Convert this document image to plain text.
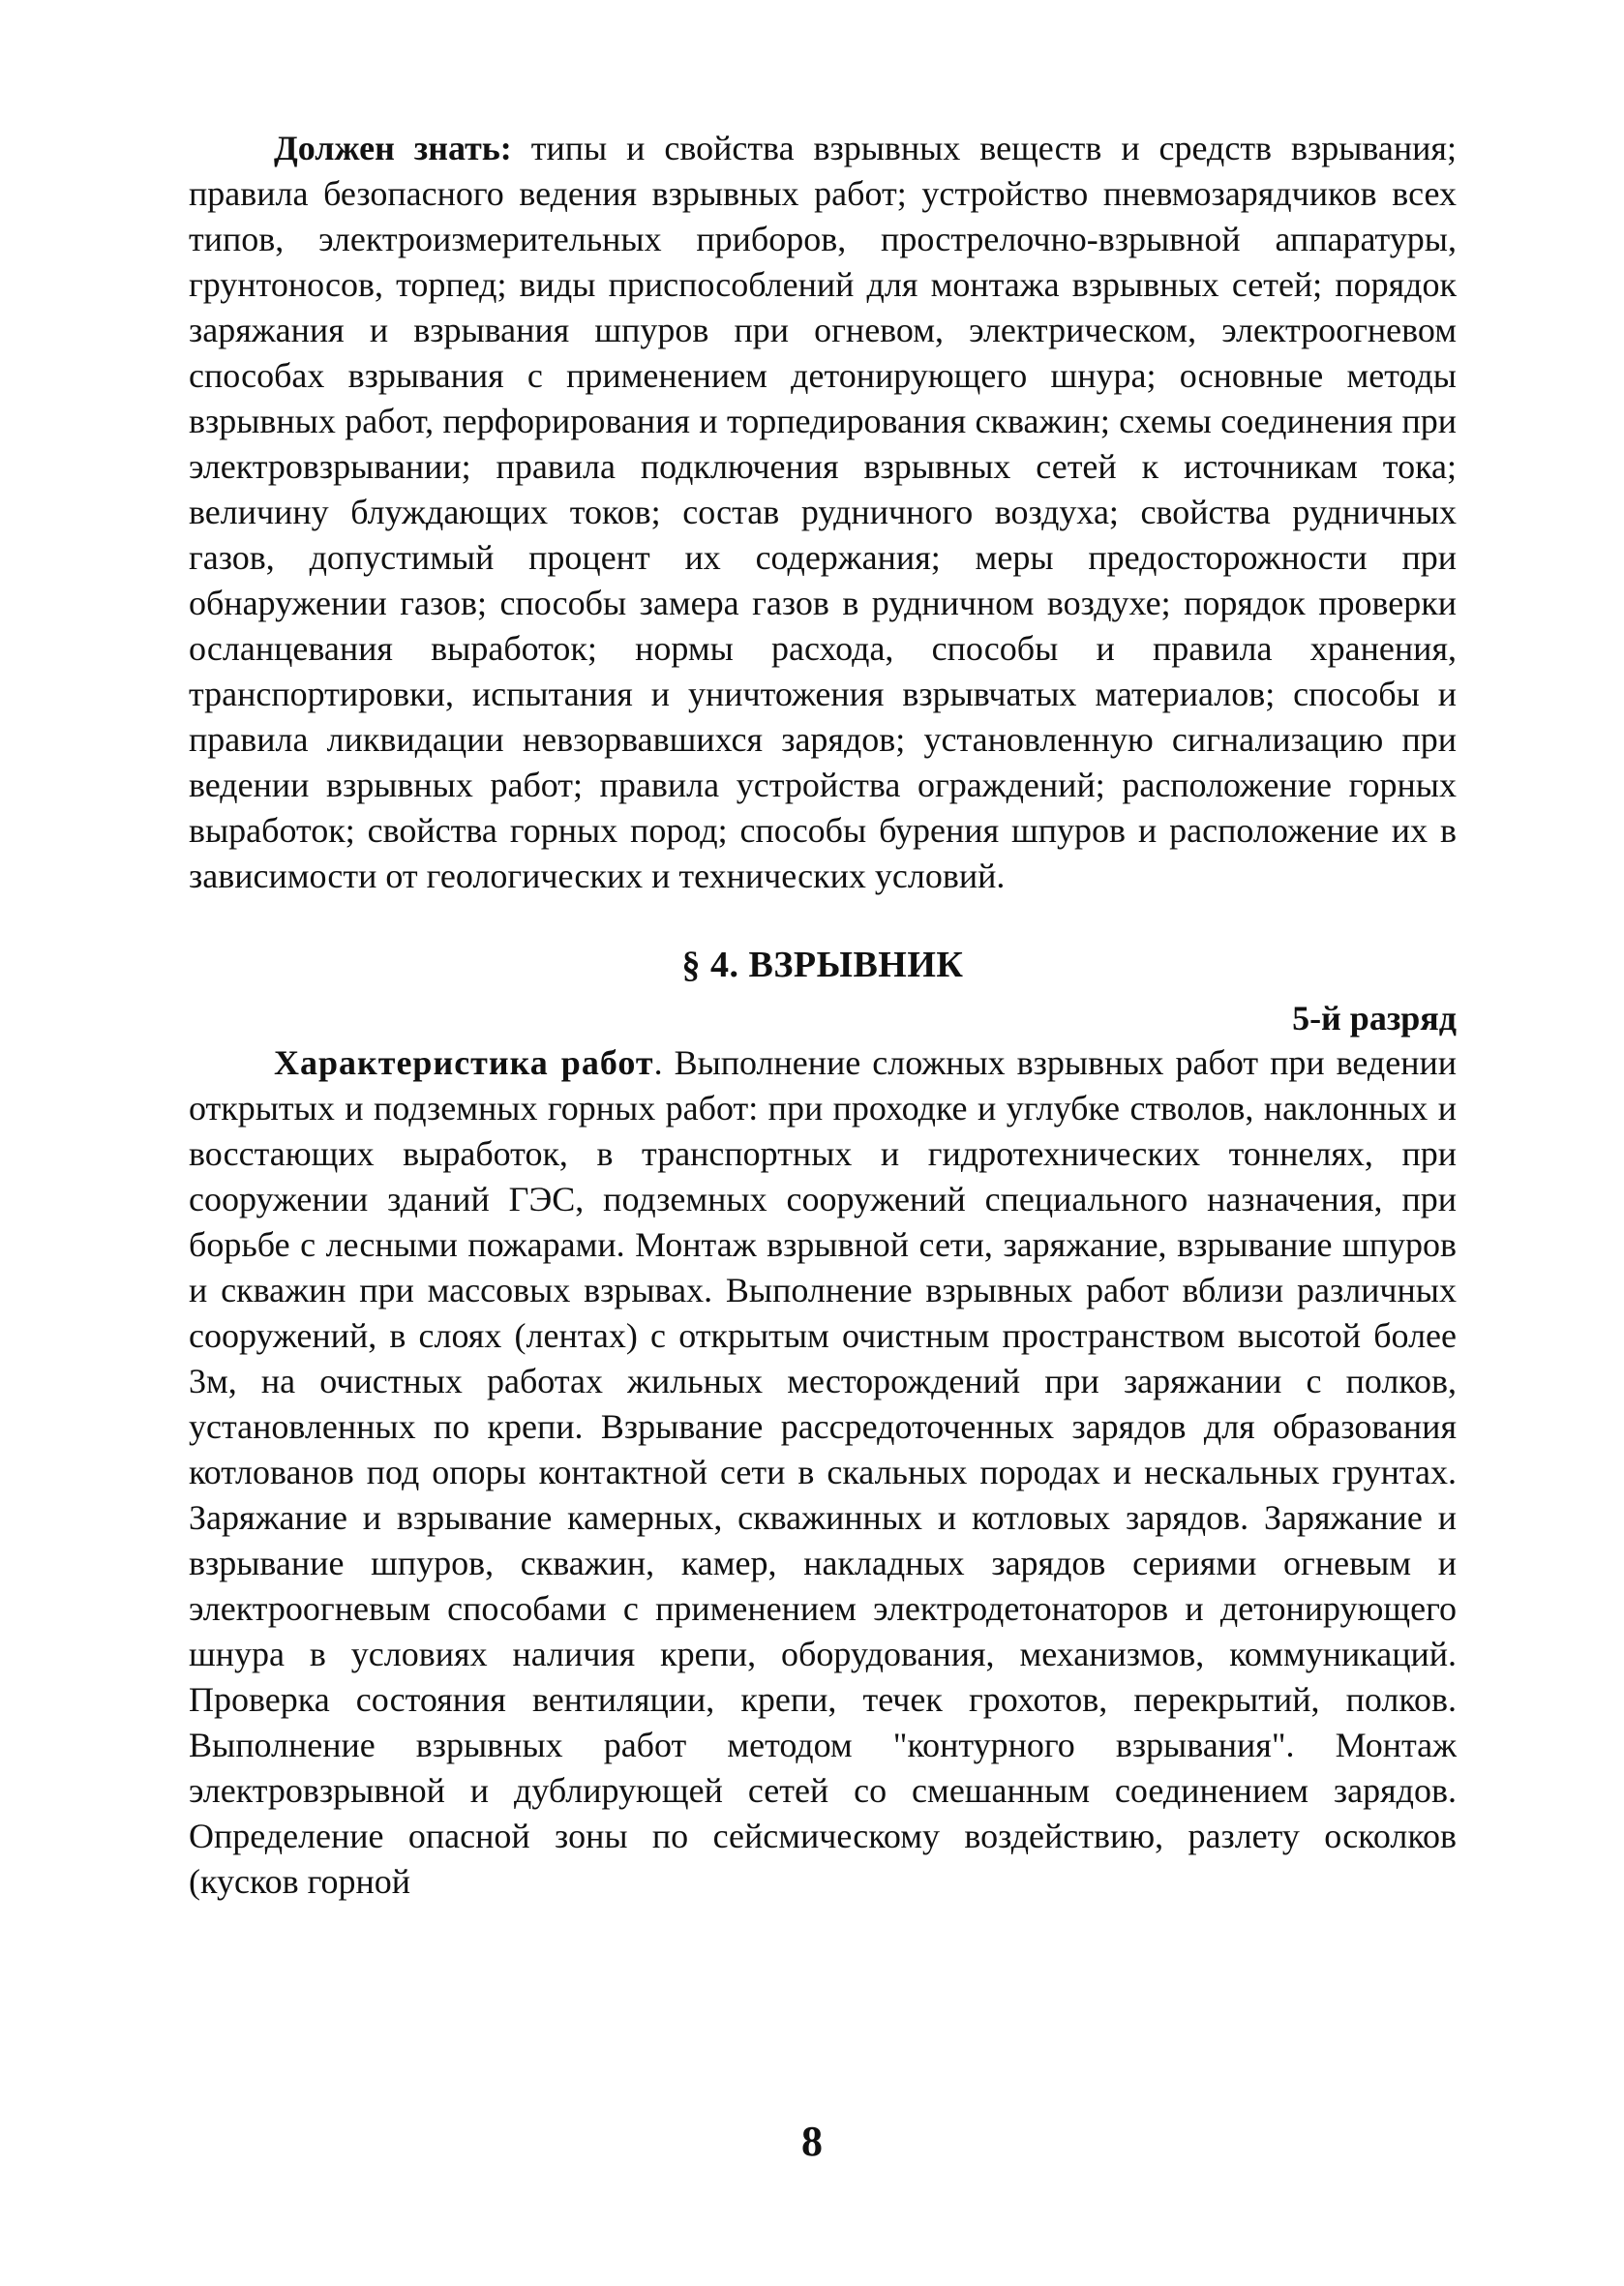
Должен знать: типы и свойства взрывных веществ и средств взрывания; правила безопасного ведения взрывных работ; устройство пневмозарядчиков всех типов, электроизмерительных приборов, прострелочно-взрывной аппаратуры, грунтоносов, торпед; виды приспособлений для монтажа взрывных сетей; порядок заряжания и взрывания шпуров при огневом, электрическом, электроогневом способах взрывания с применением детонирующего шнура; основные методы взрывных работ, перфорирования и торпедирования скважин; схемы соединения при электровзрывании; правила подключения взрывных сетей к источникам тока; величину блуждающих токов; состав рудничного воздуха; свойства рудничных газов, допустимый процент их содержания; меры предосторожности при обнаружении газов; способы замера газов в рудничном воздухе; порядок проверки осланцевания выработок; нормы расхода, способы и правила хранения, транспортировки, испытания и уничтожения взрывчатых материалов; способы и правила ликвидации невзорвавшихся зарядов; установленную сигнализацию при ведении взрывных работ; правила устройства ограждений; расположение горных выработок; свойства горных пород; способы бурения шпуров и расположение их в зависимости от геологических и технических условий.

§ 4. ВЗРЫВНИК
5-й разряд

Характеристика работ. Выполнение сложных взрывных работ при ведении открытых и подземных горных работ: при проходке и углубке стволов, наклонных и восстающих выработок, в транспортных и гидротехнических тоннелях, при сооружении зданий ГЭС, подземных сооружений специального назначения, при борьбе с лесными пожарами. Монтаж взрывной сети, заряжание, взрывание шпуров и скважин при массовых взрывах. Выполнение взрывных работ вблизи различных сооружений, в слоях (лентах) с открытым очистным пространством высотой более 3м, на очистных работах жильных месторождений при заряжании с полков, установленных по крепи. Взрывание рассредоточенных зарядов для образования котлованов под опоры контактной сети в скальных породах и нескальных грунтах. Заряжание и взрывание камерных, скважинных и котловых зарядов. Заряжание и взрывание шпуров, скважин, камер, накладных зарядов сериями огневым и электроогневым способами с применением электродетонаторов и детонирующего шнура в условиях наличия крепи, оборудования, механизмов, коммуникаций. Проверка состояния вентиляции, крепи, течек грохотов, перекрытий, полков. Выполнение взрывных работ методом "контурного взрывания". Монтаж электровзрывной и дублирующей сетей со смешанным соединением зарядов. Определение опасной зоны по сейсмическому воздействию, разлету осколков (кусков горной

8
